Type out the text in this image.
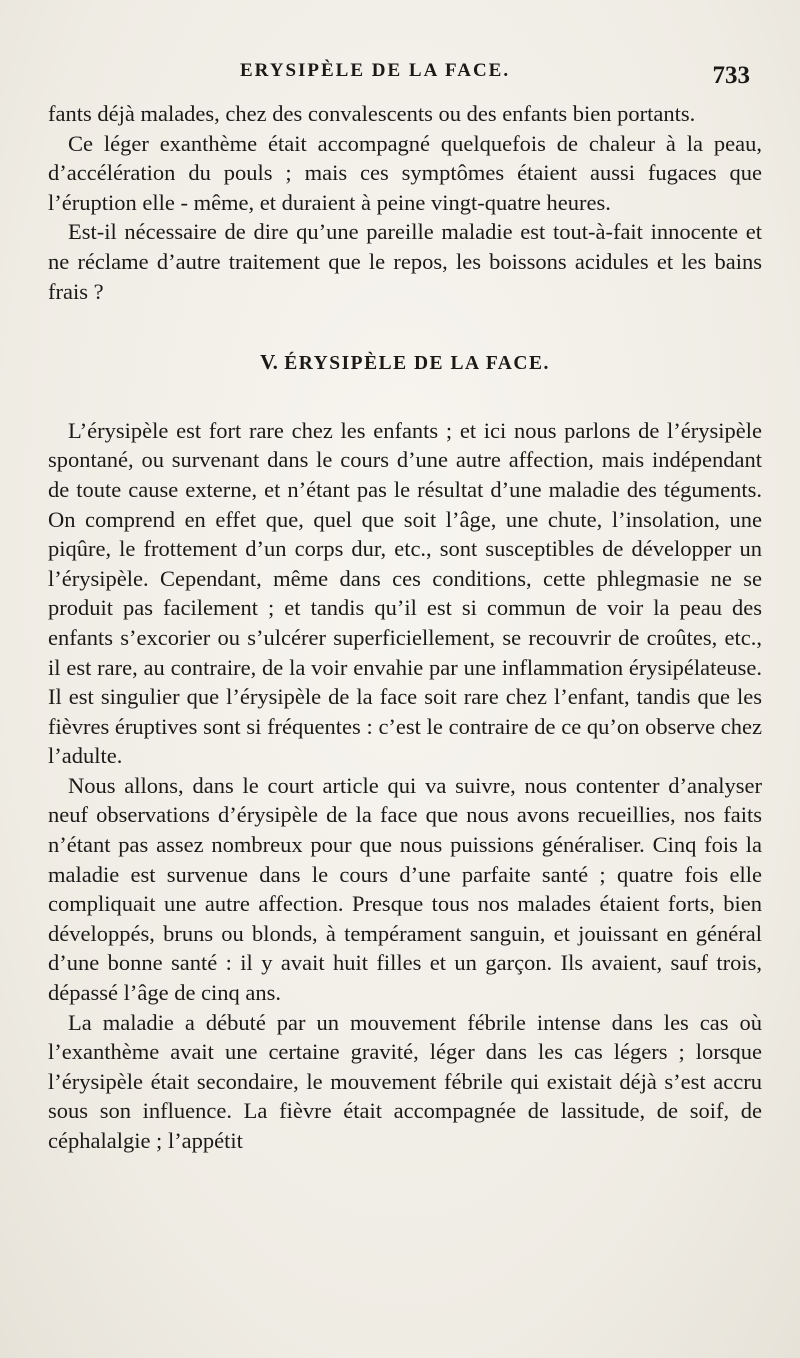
ERYSIPÈLE DE LA FACE.	733

fants déjà malades, chez des convalescents ou des enfants bien portants.

Ce léger exanthème était accompagné quelquefois de chaleur à la peau, d’accélération du pouls ; mais ces symptômes étaient aussi fugaces que l’éruption elle - même, et duraient à peine vingt-quatre heures.

Est-il nécessaire de dire qu’une pareille maladie est tout-à-fait innocente et ne réclame d’autre traitement que le repos, les boissons acidules et les bains frais ?

V. ÉRYSIPÈLE DE LA FACE.

L’érysipèle est fort rare chez les enfants ; et ici nous parlons de l’érysipèle spontané, ou survenant dans le cours d’une autre affection, mais indépendant de toute cause externe, et n’étant pas le résultat d’une maladie des téguments. On comprend en effet que, quel que soit l’âge, une chute, l’insolation, une piqûre, le frottement d’un corps dur, etc., sont susceptibles de développer un l’érysipèle. Cependant, même dans ces conditions, cette phlegmasie ne se produit pas facilement ; et tandis qu’il est si commun de voir la peau des enfants s’excorier ou s’ulcérer superficiellement, se recouvrir de croûtes, etc., il est rare, au contraire, de la voir envahie par une inflammation érysipélateuse. Il est singulier que l’érysipèle de la face soit rare chez l’enfant, tandis que les fièvres éruptives sont si fréquentes : c’est le contraire de ce qu’on observe chez l’adulte.

Nous allons, dans le court article qui va suivre, nous contenter d’analyser neuf observations d’érysipèle de la face que nous avons recueillies, nos faits n’étant pas assez nombreux pour que nous puissions généraliser. Cinq fois la maladie est survenue dans le cours d’une parfaite santé ; quatre fois elle compliquait une autre affection. Presque tous nos malades étaient forts, bien développés, bruns ou blonds, à tempérament sanguin, et jouissant en général d’une bonne santé : il y avait huit filles et un garçon. Ils avaient, sauf trois, dépassé l’âge de cinq ans.

La maladie a débuté par un mouvement fébrile intense dans les cas où l’exanthème avait une certaine gravité, léger dans les cas légers ; lorsque l’érysipèle était secondaire, le mouvement fébrile qui existait déjà s’est accru sous son influence. La fièvre était accompagnée de lassitude, de soif, de céphalalgie ; l’appétit
